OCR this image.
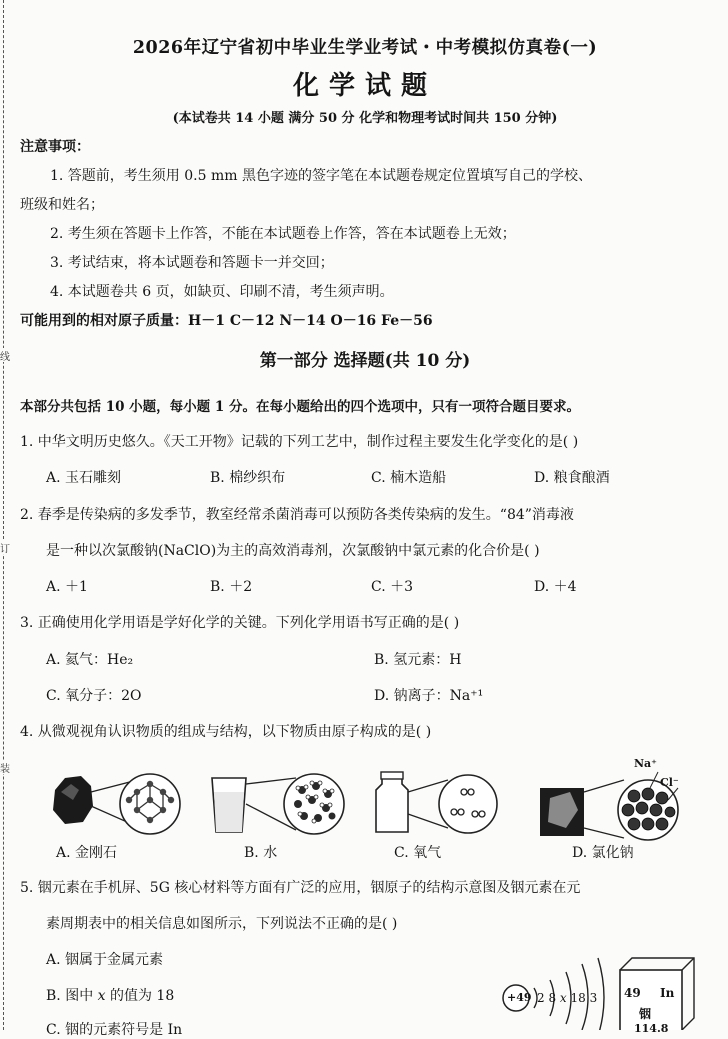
线
订
装
2026年辽宁省初中毕业生学业考试・中考模拟仿真卷(一)
化学试题
(本试卷共 14 小题 满分 50 分 化学和物理考试时间共 150 分钟)
注意事项：
1. 答题前，考生须用 0.5 mm 黑色字迹的签字笔在本试题卷规定位置填写自己的学校、
班级和姓名；
2. 考生须在答题卡上作答，不能在本试题卷上作答，答在本试题卷上无效；
3. 考试结束，将本试题卷和答题卡一并交回；
4. 本试题卷共 6 页，如缺页、印刷不清，考生须声明。
可能用到的相对原子质量：H－1 C－12 N－14 O－16 Fe－56
第一部分 选择题(共 10 分)
本部分共包括 10 小题，每小题 1 分。在每小题给出的四个选项中，只有一项符合题目要求。
1. 中华文明历史悠久。《天工开物》记载的下列工艺中，制作过程主要发生化学变化的是( )
A. 玉石雕刻	B. 棉纱织布	C. 楠木造船	D. 粮食酿酒
2. 春季是传染病的多发季节，教室经常杀菌消毒可以预防各类传染病的发生。“84”消毒液
是一种以次氯酸钠(NaClO)为主的高效消毒剂，次氯酸钠中氯元素的化合价是( )
A. ＋1	B. ＋2	C. ＋3	D. ＋4
3. 正确使用化学用语是学好化学的关键。下列化学用语书写正确的是( )
A. 氦气：He₂	B. 氢元素：H
C. 氧分子：2O	D. 钠离子：Na⁺¹
4. 从微观视角认识物质的组成与结构，以下物质由原子构成的是( )
A. 金刚石	B. 水	C. 氧气
Na⁺
Cl⁻
D. 氯化钠
5. 铟元素在手机屏、5G 核心材料等方面有广泛的应用，铟原子的结构示意图及铟元素在元
素周期表中的相关信息如图所示，下列说法不正确的是( )
A. 铟属于金属元素
B. 图中 𝑥 的值为 18
C. 铟的元素符号是 In
+49 2 8 𝑥 18 3 49 In
铟
114.8
